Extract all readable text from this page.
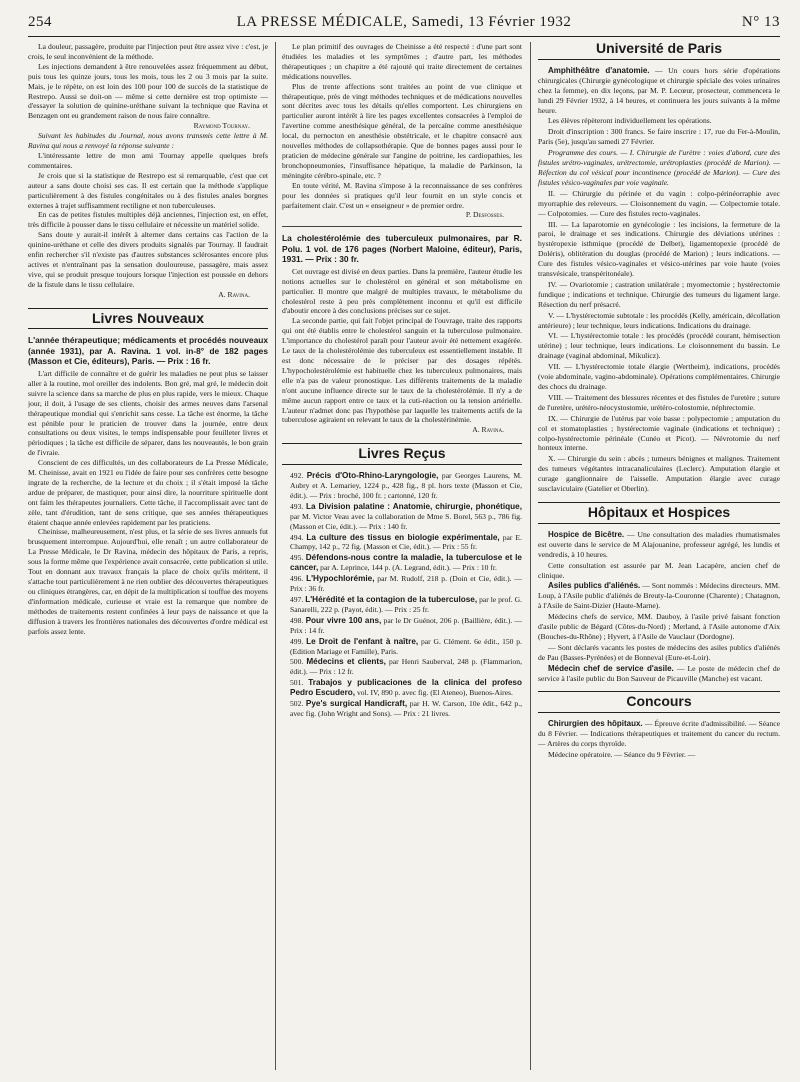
254	LA PRESSE MÉDICALE, Samedi, 13 Février 1932	N° 13

La douleur, passagère, produite par l'injection peut être assez vive : c'est, je crois, le seul inconvénient de la méthode.

Les injections demandent à être renouvelées assez fréquemment au début, puis tous les quinze jours, tous les mois, tous les 2 ou 3 mois par la suite. Mais, je le répète, on est loin des 100 pour 100 de succès de la statistique de Restrepo. Aussi se doit-on — même si cette dernière est trop optimiste — d'essayer la solution de quinine-uréthane suivant la technique que Ravina et Benzagen ont eu grandement raison de nous faire connaître.

Raymond Tournay.

Suivant les habitudes du Journal, nous avons transmis cette lettre à M. Ravina qui nous a renvoyé la réponse suivante :

L'intéressante lettre de mon ami Tournay appelle quelques brefs commentaires.

Je crois que si la statistique de Restrepo est si remarquable, c'est que cet auteur a sans doute choisi ses cas. Il est certain que la méthode s'applique particulièrement à des fistules congénitales ou à des fistules anales borgnes externes à trajet suffisamment rectiligne et non tuberculeuses.

En cas de petites fistules multiples déjà anciennes, l'injection est, en effet, très difficile à pousser dans le tissu cellulaire et nécessite un matériel solide.

Sans doute y aurait-il intérêt à alterner dans certains cas l'action de la quinine-uréthane et celle des divers produits signalés par Tournay. Il faudrait enfin rechercher s'il n'existe pas d'autres substances sclérosantes encore plus actives et n'entraînant pas la sensation douloureuse, passagère, mais assez vive, qui se produit presque toujours lorsque l'injection est poussée en dehors de la fistule dans le tissu cellulaire.

A. Ravina.

Livres Nouveaux

L'année thérapeutique; médicaments et procédés nouveaux (année 1931), par A. Ravina. 1 vol. in-8° de 182 pages (Masson et Cie, éditeurs), Paris. — Prix : 16 fr.

L'art difficile de connaître et de guérir les maladies ne peut plus se laisser aller à la routine, mol oreiller des indolents. Bon gré, mal gré, le médecin doit suivre la science dans sa marche de plus en plus rapide, vers le mieux. Chaque jour, il doit, à l'usage de ses clients, choisir des armes neuves dans l'arsenal thérapeutique mondial qui s'enrichit sans cesse. La tâche est énorme, la tâche est pénible pour le praticien de trouver dans la journée, entre deux consultations ou deux visites, le temps indispensable pour feuilleter livres et périodiques ; la tâche est difficile de séparer, dans les nouveautés, le bon grain de l'ivraie.

Conscient de ces difficultés, un des collaborateurs de La Presse Médicale, M. Cheinisse, avait en 1921 eu l'idée de faire pour ses confrères cette besogne ingrate de la recherche, de la lecture et du choix ; il s'était imposé la tâche ardue de préparer, de mastiquer, pour ainsi dire, la nourriture spirituelle dont ont faim les thérapeutes journaliers. Cette tâche, il l'accomplissait avec tant de zèle, tant d'érudition, tant de sens critique, que ses années thérapeutiques étaient chaque année enlevées rapidement par les praticiens.

Cheinisse, malheureusement, n'est plus, et la série de ses livres annuels fut brusquement interrompue. Aujourd'hui, elle renaît ; un autre collaborateur de La Presse Médicale, le Dr Ravina, médecin des hôpitaux de Paris, a repris, sous la forme même que l'expérience avait consacrée, cette publication si utile. Tout en donnant aux travaux français la place de choix qu'ils méritent, il s'attache tout particulièrement à ne rien oublier des découvertes thérapeutiques ou cliniques étrangères, car, en dépit de la multiplication si touffue des moyens d'information médicale, curieuse et vraie est la remarque que nombre de méthodes de traitements restent confinées à leur pays de naissance et que la diffusion à travers les frontières nationales des découvertes d'ordre médical est parfois assez lente.

Le plan primitif des ouvrages de Cheinisse a été respecté : d'une part sont étudiées les maladies et les symptômes ; d'autre part, les méthodes thérapeutiques ; un chapitre a été rajouté qui traite directement de certaines médications nouvelles.

Plus de trente affections sont traitées au point de vue clinique et thérapeutique, près de vingt méthodes techniques et de médications nouvelles sont décrites avec tous les détails qu'elles comportent. Les chirurgiens en particulier auront intérêt à lire les pages excellentes consacrées à l'emploi de l'avertine comme anesthésique général, de la percaïne comme anesthésique local, du pernocton en anesthésie obstétricale, et le chapitre consacré aux nouvelles méthodes de collapsothérapie. Que de bonnes pages aussi pour le praticien de médecine générale sur l'angine de poitrine, les cardiopathies, les bronchopneumonies, l'insuffisance hépatique, la maladie de Parkinson, la méningite cérébro-spinale, etc. ?

En toute vérité, M. Ravina s'impose à la reconnaissance de ses confrères pour les données si pratiques qu'il leur fournit en un style concis et parfaitement clair. C'est un « enseigneur » de premier ordre.

P. Desfosses.

La cholestérolémie des tuberculeux pulmonaires, par R. Polu. 1 vol. de 176 pages (Norbert Maloine, éditeur), Paris, 1931. — Prix : 30 fr.

Cet ouvrage est divisé en deux parties. Dans la première, l'auteur étudie les notions actuelles sur le cholestérol en général et son métabolisme en particulier. Il montre que malgré de multiples travaux, le métabolisme du cholestérol reste à peu près complètement inconnu et qu'il est difficile d'aboutir encore à des conclusions précises sur ce sujet.

La seconde partie, qui fait l'objet principal de l'ouvrage, traite des rapports qui ont été établis entre le cholestérol sanguin et la tuberculose pulmonaire. L'importance du cholestérol paraît pour l'auteur avoir été nettement exagérée. Le taux de la cholestérolémie des tuberculeux est essentiellement instable. Il est donc nécessaire de le préciser par des dosages répétés. L'hypocholestérolémie est habituelle chez les tuberculeux pulmonaires, mais elle n'a pas de valeur pronostique. Les différents traitements de la maladie n'ont aucune influence directe sur le taux de la cholestérolémie. Il n'y a de même aucun rapport entre ce taux et la cuti-réaction ou la tension artérielle. L'auteur n'admet donc pas l'hypothèse par laquelle les traitements actifs de la tuberculose agiraient en relevant le taux de la cholestérinémie.

A. Ravina.

Livres Reçus

492. Précis d'Oto-Rhino-Laryngologie, par Georges Laurens, M. Aubry et A. Lemariey, 1224 p., 428 fig., 8 pl. hors texte (Masson et Cie, édit.). — Prix : broché, 100 fr. ; cartonné, 120 fr.

493. La Division palatine : Anatomie, chirurgie, phonétique, par M. Victor Veau avec la collaboration de Mme S. Borel, 563 p., 786 fig. (Masson et Cie, édit.). — Prix : 140 fr.

494. La culture des tissus en biologie expérimentale, par E. Champy, 142 p., 72 fig. (Masson et Cie, édit.). — Prix : 55 fr.

495. Défendons-nous contre la maladie, la tuberculose et le cancer, par A. Leprince, 144 p. (A. Legrand, édit.). — Prix : 10 fr.

496. L'Hypochlorémie, par M. Rudolf, 218 p. (Doin et Cie, édit.). — Prix : 36 fr.

497. L'Hérédité et la contagion de la tuberculose, par le prof. G. Sanarelli, 222 p. (Payot, édit.). — Prix : 25 fr.

498. Pour vivre 100 ans, par le Dr Guénot, 206 p. (Baillière, édit.). — Prix : 14 fr.

499. Le Droit de l'enfant à naître, par G. Clément. 6e édit., 150 p. (Edition Mariage et Famille), Paris.

500. Médecins et clients, par Henri Sauberval, 248 p. (Flammarion, édit.). — Prix : 12 fr.

501. Trabajos y publicaciones de la clinica del profeso Pedro Escudero, vol. IV, 890 p. avec fig. (El Ateneo), Buenos-Aires.

502. Pye's surgical Handicraft, par H. W. Carson, 10e édit., 642 p., avec fig. (John Wright and Sons). — Prix : 21 livres.

Université de Paris

Amphithéâtre d'anatomie. — Un cours hors série d'opérations chirurgicales (Chirurgie gynécologique et chirurgie spéciale des voies urinaires chez la femme), en dix leçons, par M. P. Lecœur, prosecteur, commencera le lundi 29 Février 1932, à 14 heures, et continuera les jours suivants à la même heure.

Les élèves répèteront individuellement les opérations.

Droit d'inscription : 300 francs. Se faire inscrire : 17, rue du Fer-à-Moulin, Paris (5e), jusqu'au samedi 27 Février.

Programme des cours. — I. Chirurgie de l'urètre : voies d'abord, cure des fistules urétro-vaginales, urétrectomie, urétroplasties (procédé de Marion). — Réfection du col vésical pour incontinence (procédé de Marion). — Cure des fistules vésico-vaginales par voie vaginale.

II. — Chirurgie du périnée et du vagin : colpo-périnéorraphie avec myorraphie des releveurs. — Cloisonnement du vagin. — Colpectomie totale. — Colpotomies. — Cure des fistules recto-vaginales.

III. — La laparotomie en gynécologie : les incisions, la fermeture de la paroi, le drainage et ses indications. Chirurgie des déviations utérines : hystéropexie isthmique (procédé de Delbet), ligamentopexie (procédé de Doléris), oblitération du douglas (procédé de Marion) ; leurs indications. — Cure des fistules vésico-vaginales et vésico-utérines par voie haute (voies transvésicale, transpéritonéale).

IV. — Ovariotomie ; castration unilatérale ; myomectomie ; hystérectomie fundique ; indications et technique. Chirurgie des tumeurs du ligament large. Résection du nerf présacré.

V. — L'hystérectomie subtotale : les procédés (Kelly, américain, décollation antérieure) ; leur technique, leurs indications. Indications du drainage.

VI. — L'hystérectomie totale : les procédés (procédé courant, hémisection utérine) ; leur technique, leurs indications. Le cloisonnement du bassin. Le drainage (vaginal abdominal, Mikulicz).

VII. — L'hystérectomie totale élargie (Wertheim), indications, procédés (voie abdominale, vagino-abdominale). Opérations complémentaires. Chirurgie des chocs du drainage.

VIII. — Traitement des blessures récentes et des fistules de l'uretère ; suture de l'uretère, urétéro-néocystostomie, urétéro-colostomie, néphrectomie.

IX. — Chirurgie de l'utérus par voie basse : polypectomie ; amputation du col et stomatoplasties ; hystérectomie vaginale (indications et technique) ; colpo-hystérectomie périnéale (Cunéo et Picot). — Névrotomie du nerf honteux interne.

X. — Chirurgie du sein : abcès ; tumeurs bénignes et malignes. Traitement des tumeurs végétantes intracanaliculaires (Leclerc). Amputation élargie et curage ganglionnaire de l'aisselle. Amputation élargie avec curage susclaviculaire (Gatelier et Oberlin).

Hôpitaux et Hospices

Hospice de Bicêtre. — Une consultation des maladies rhumatismales est ouverte dans le service de M Alajouanine, professeur agrégé, les lundis et vendredis, à 10 heures.

Cette consultation est assurée par M. Jean Lacapère, ancien chef de clinique.

Asiles publics d'aliénés. — Sont nommés : Médecins directeurs. MM. Loup, à l'Asile public d'aliénés de Breuty-la-Couronne (Charente) ; Chatagnon, à l'Asile de Saint-Dizier (Haute-Marne).

Médecins chefs de service, MM. Dauboy, à l'asile privé faisant fonction d'asile public de Bégard (Côtes-du-Nord) ; Merland, à l'Asile autonome d'Aix (Bouches-du-Rhône) ; Hyvert, à l'Asile de Vauclaur (Dordogne).

— Sont déclarés vacants les postes de médecins des asiles publics d'aliénés de Pau (Basses-Pyrénées) et de Bonneval (Eure-et-Loir).

Médecin chef de service d'asile. — Le poste de médecin chef de service à l'asile public du Bon Sauveur de Picauville (Manche) est vacant.

Concours

Chirurgien des hôpitaux. — Épreuve écrite d'admissibilité. — Séance du 8 Février. — Indications thérapeutiques et traitement du cancer du rectum. — Artères du corps thyroïde.

Médecine opératoire. — Séance du 9 Février. —
